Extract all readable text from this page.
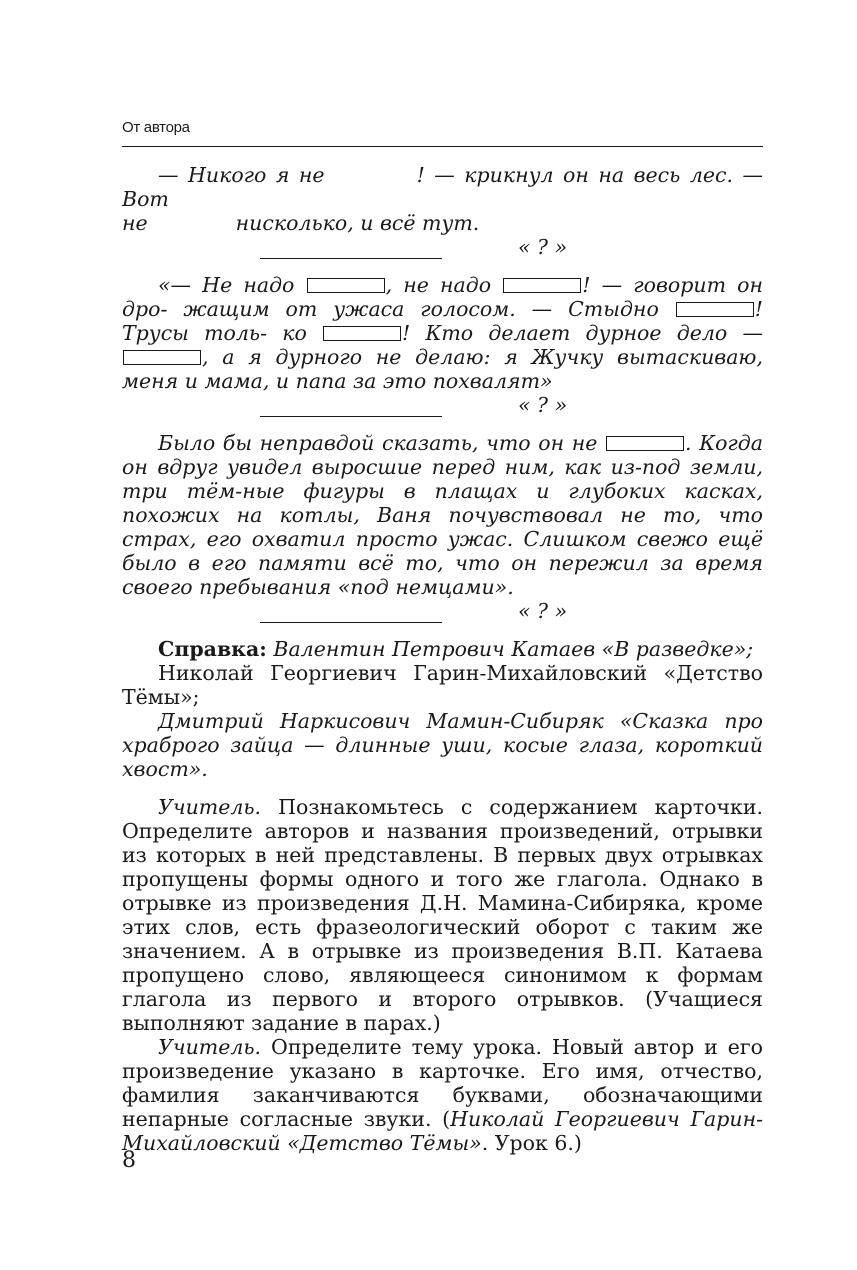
От автора

— Никого я не	! — крикнул он на весь лес. — Вот
не	нисколько, и всё тут.

« ? »

«— Не надо	, не надо	! — говорит он дро- жащим от ужаса голосом. — Стыдно	! Трусы толь- ко	! Кто делает дурное дело — , а я дурного не делаю: я Жучку вытаскиваю, меня и мама, и папа за это похвалят»

« ? »

Было бы неправдой сказать, что он не	. Когда он вдруг увидел выросшие перед ним, как из-под земли, три тём-ные фигуры в плащах и глубоких касках, похожих на котлы, Ваня почувствовал не то, что страх, его охватил просто ужас. Слишком свежо ещё было в его памяти всё то, что он пережил за время своего пребывания «под немцами».

« ? »

Справка: Валентин Петрович Катаев «В разведке»;

Николай Георгиевич Гарин-Михайловский «Детство Тёмы»;

Дмитрий Наркисович Мамин-Сибиряк «Сказка про храброго зайца — длинные уши, косые глаза, короткий хвост».

Учитель. Познакомьтесь с содержанием карточки. Определите авторов и названия произведений, отрывки из которых в ней представлены. В первых двух отрывках пропущены формы одного и того же глагола. Однако в отрывке из произведения Д.Н. Мамина-Сибиряка, кроме этих слов, есть фразеологический оборот с таким же значением. А в отрывке из произведения В.П. Катаева пропущено слово, являющееся синонимом к формам глагола из первого и второго отрывков. (Учащиеся выполняют задание в парах.)

Учитель. Определите тему урока. Новый автор и его произведение указано в карточке. Его имя, отчество, фамилия заканчиваются буквами, обозначающими непарные согласные звуки. (Николай Георгиевич Гарин-Михайловский «Детство Тёмы». Урок 6.)

8
